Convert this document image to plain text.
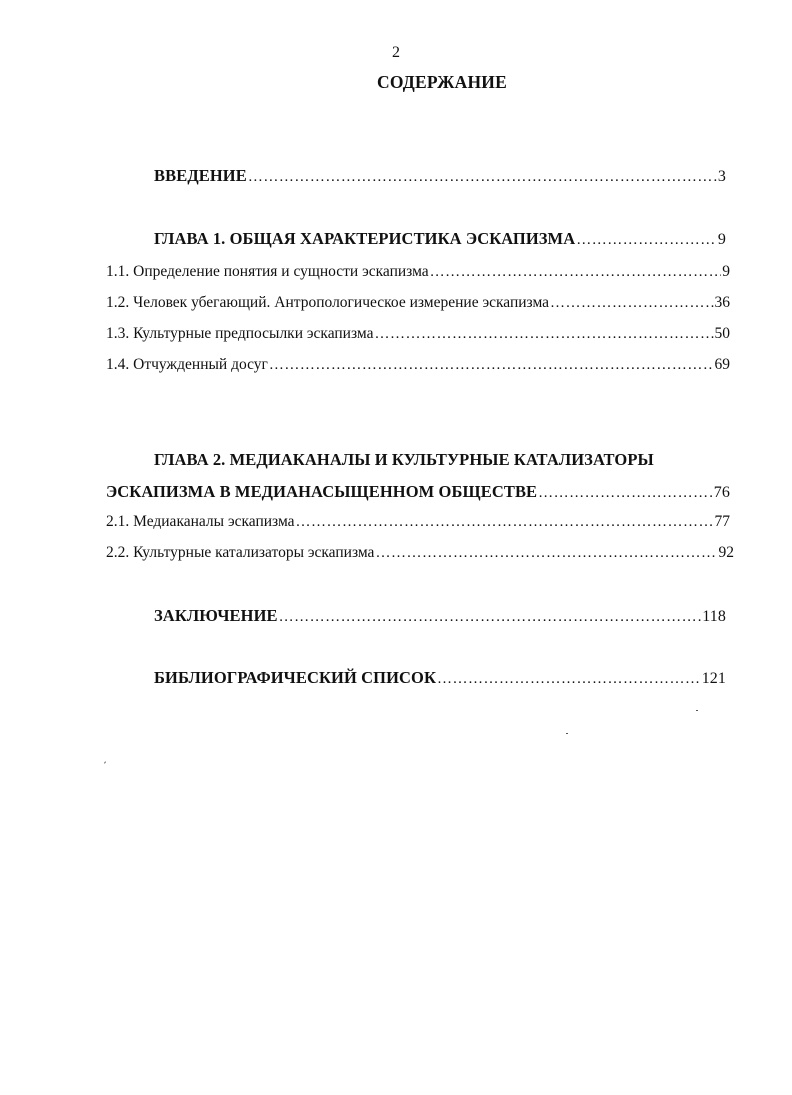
2
СОДЕРЖАНИЕ
ВВЕДЕНИЕ …………………………………………………………………………………………………………………………………………………………	3
ГЛАВА 1. ОБЩАЯ ХАРАКТЕРИСТИКА ЭСКАПИЗМА …………………………………………………………………………………………………………………………………………………………	9
1.1. Определение понятия и сущности эскапизма …………………………………………………………………………………………………………………………………………………………	9
1.2. Человек убегающий. Антропологическое измерение эскапизма …………………………………………………………………………………………………………………………………………………………	36
1.3. Культурные предпосылки эскапизма …………………………………………………………………………………………………………………………………………………………	50
1.4. Отчужденный досуг …………………………………………………………………………………………………………………………………………………………	69
ГЛАВА 2. МЕДИАКАНАЛЫ И КУЛЬТУРНЫЕ КАТАЛИЗАТОРЫ
ЭСКАПИЗМА В МЕДИАНАСЫЩЕННОМ ОБЩЕСТВЕ …………………………………………………………………………………………………………………………………………………………	76
2.1. Медиаканалы эскапизма …………………………………………………………………………………………………………………………………………………………	77
2.2. Культурные катализаторы эскапизма …………………………………………………………………………………………………………………………………………………………	92
ЗАКЛЮЧЕНИЕ …………………………………………………………………………………………………………………………………………………………	118
БИБЛИОГРАФИЧЕСКИЙ СПИСОК …………………………………………………………………………………………………………………………………………………………	121
